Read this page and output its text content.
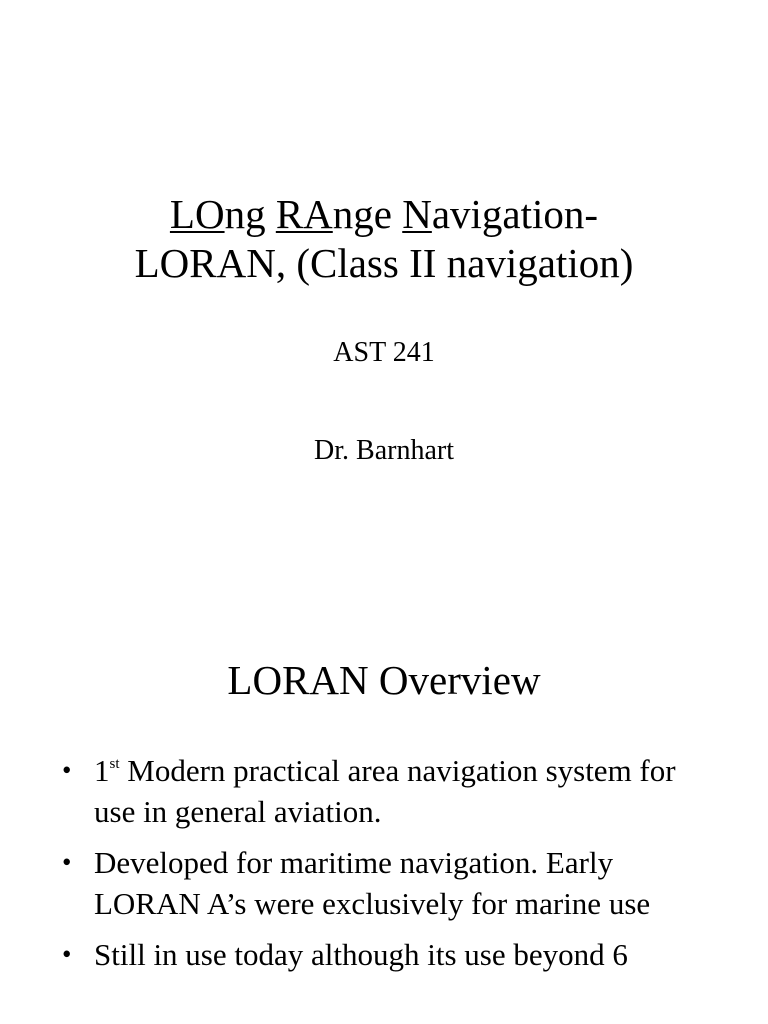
LOng RAnge Navigation-
LORAN, (Class II navigation)

AST 241

Dr. Barnhart

LORAN Overview
• 1st Modern practical area navigation system for use in general aviation.
• Developed for maritime navigation. Early LORAN A’s were exclusively for marine use
• Still in use today although its use beyond 6
